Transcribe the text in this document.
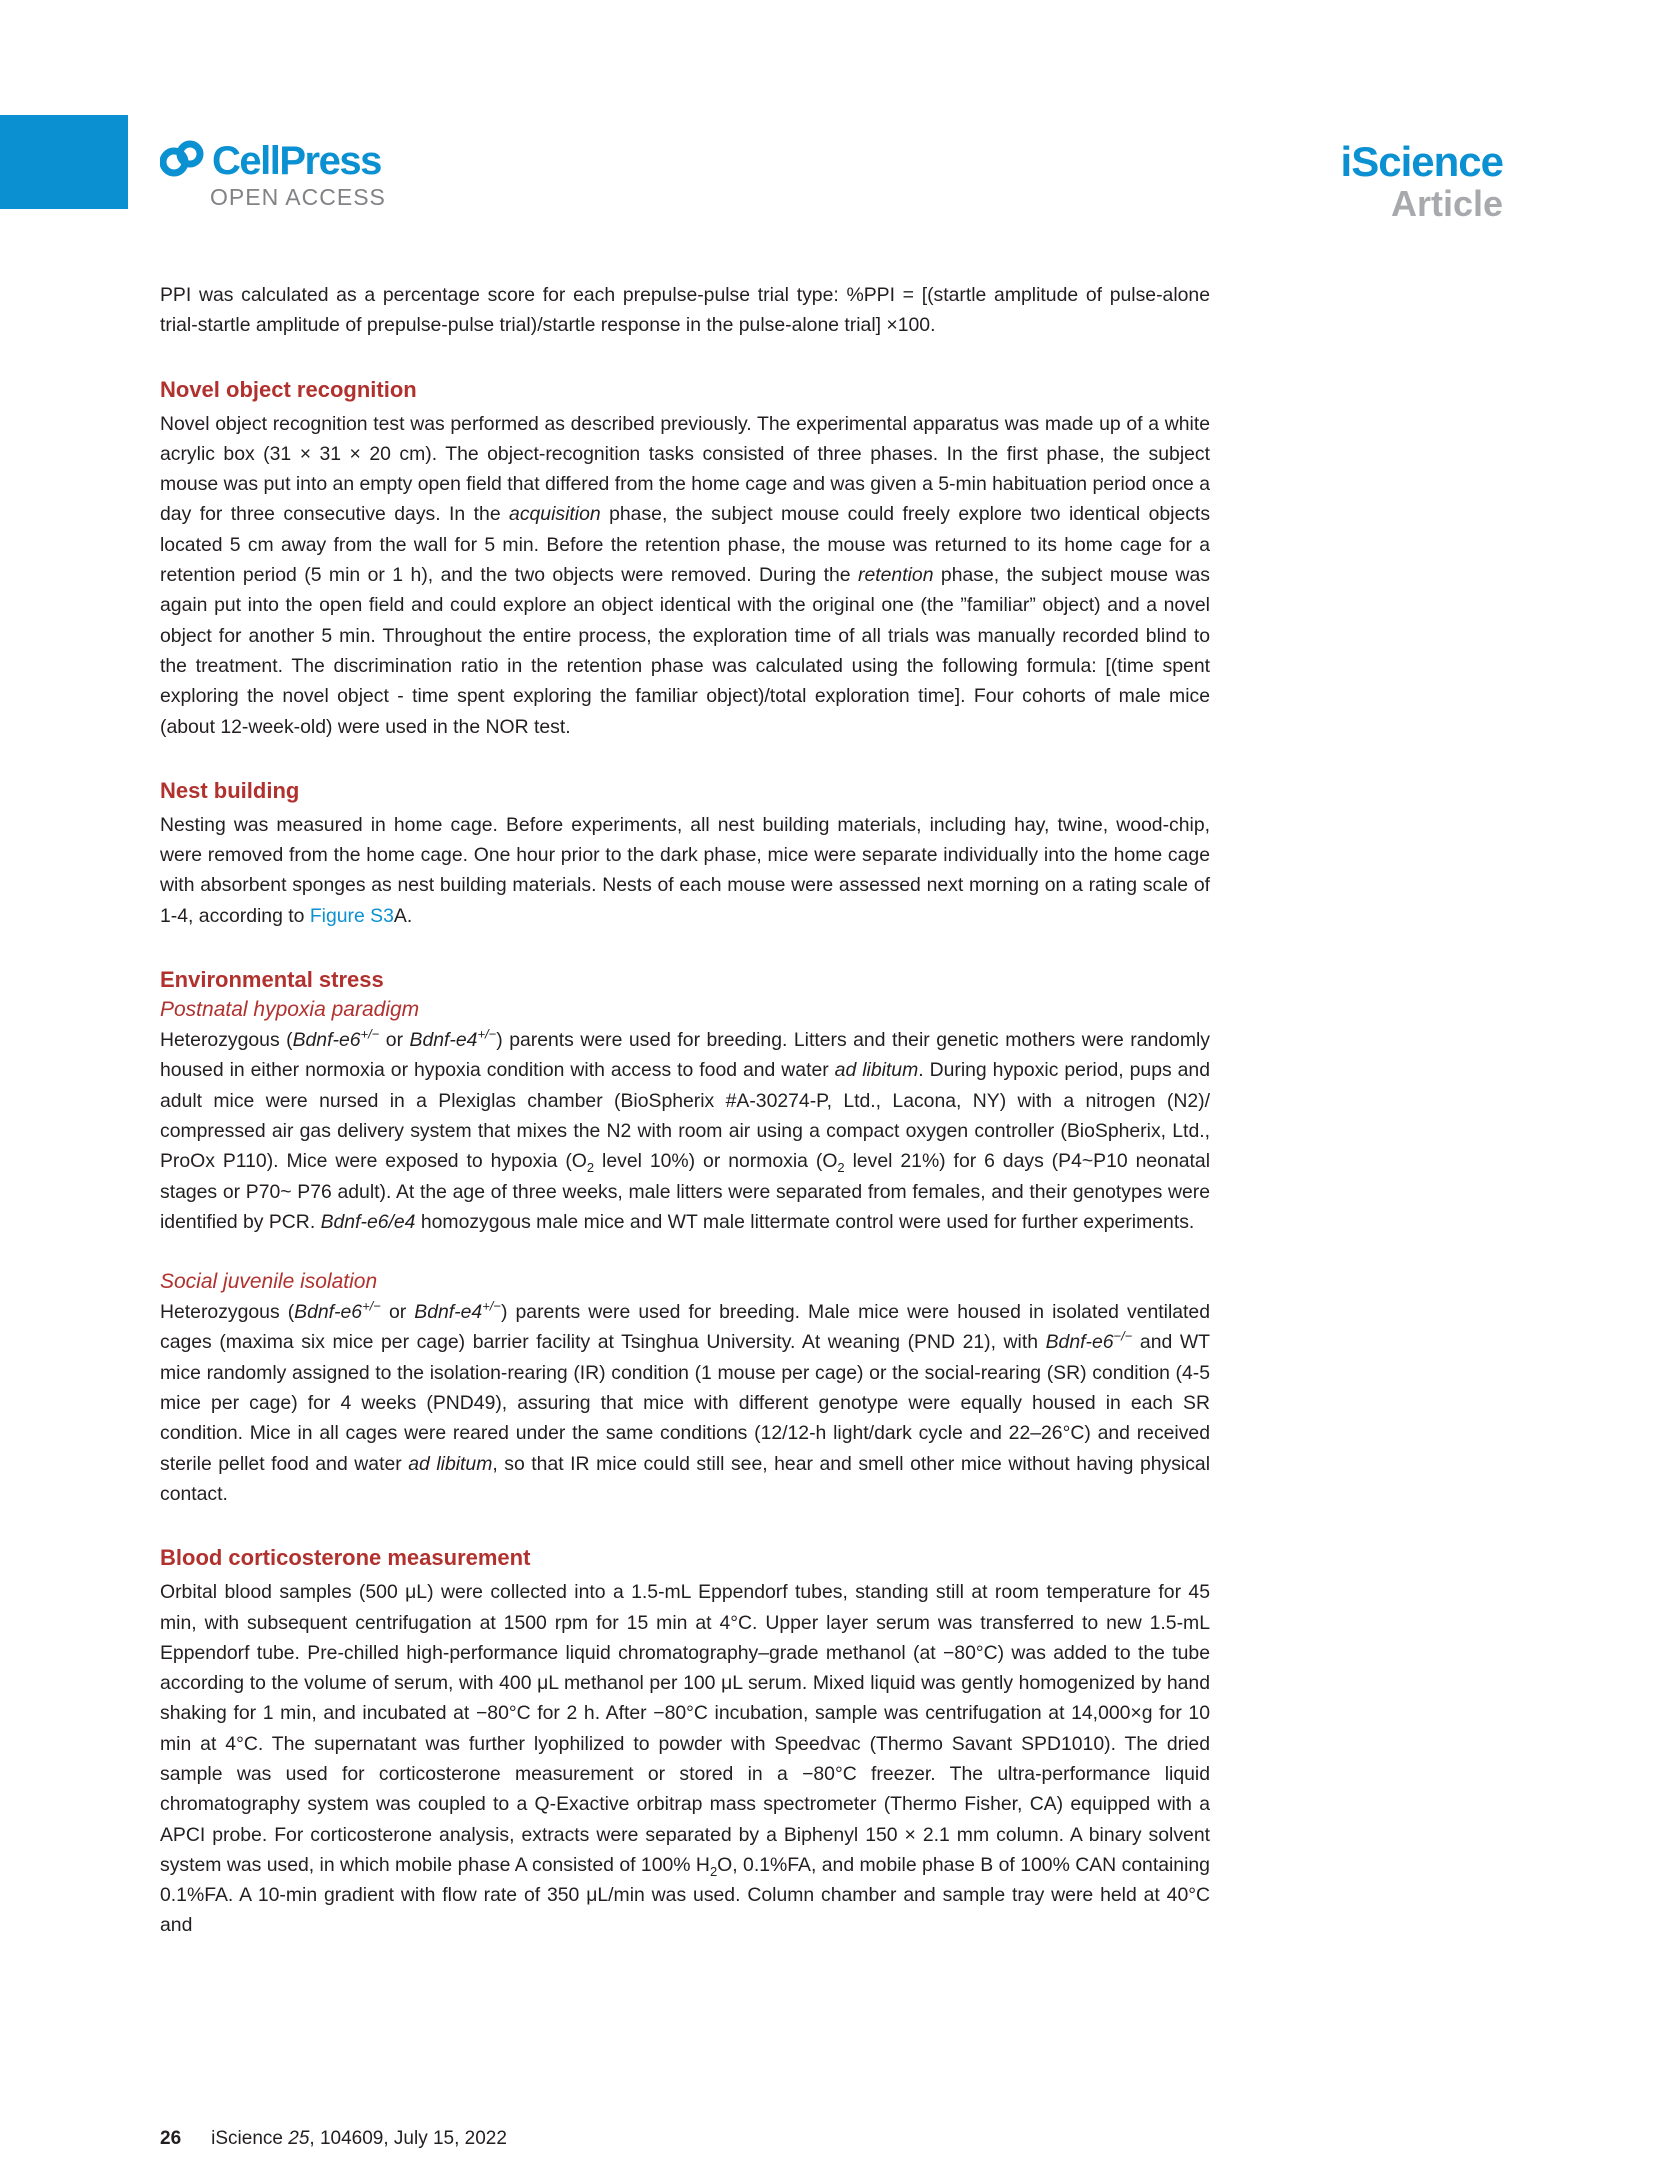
CellPress
OPEN ACCESS
iScience
Article

PPI was calculated as a percentage score for each prepulse-pulse trial type: %PPI = [(startle amplitude of pulse-alone trial-startle amplitude of prepulse-pulse trial)/startle response in the pulse-alone trial] ×100.

Novel object recognition

Novel object recognition test was performed as described previously. The experimental apparatus was made up of a white acrylic box (31 × 31 × 20 cm). The object-recognition tasks consisted of three phases. In the first phase, the subject mouse was put into an empty open field that differed from the home cage and was given a 5-min habituation period once a day for three consecutive days. In the acquisition phase, the subject mouse could freely explore two identical objects located 5 cm away from the wall for 5 min. Before the retention phase, the mouse was returned to its home cage for a retention period (5 min or 1 h), and the two objects were removed. During the retention phase, the subject mouse was again put into the open field and could explore an object identical with the original one (the ”familiar” object) and a novel object for another 5 min. Throughout the entire process, the exploration time of all trials was manually recorded blind to the treatment. The discrimination ratio in the retention phase was calculated using the following formula: [(time spent exploring the novel object - time spent exploring the familiar object)/total exploration time]. Four cohorts of male mice (about 12-week-old) were used in the NOR test.

Nest building

Nesting was measured in home cage. Before experiments, all nest building materials, including hay, twine, wood-chip, were removed from the home cage. One hour prior to the dark phase, mice were separate individually into the home cage with absorbent sponges as nest building materials. Nests of each mouse were assessed next morning on a rating scale of 1-4, according to Figure S3A.

Environmental stress
Postnatal hypoxia paradigm

Heterozygous (Bdnf-e6+/− or Bdnf-e4+/−) parents were used for breeding. Litters and their genetic mothers were randomly housed in either normoxia or hypoxia condition with access to food and water ad libitum. During hypoxic period, pups and adult mice were nursed in a Plexiglas chamber (BioSpherix #A-30274-P, Ltd., Lacona, NY) with a nitrogen (N2)/ compressed air gas delivery system that mixes the N2 with room air using a compact oxygen controller (BioSpherix, Ltd., ProOx P110). Mice were exposed to hypoxia ($O_2$ level 10%) or normoxia ($O_2$ level 21%) for 6 days (P4~P10 neonatal stages or P70~ P76 adult). At the age of three weeks, male litters were separated from females, and their genotypes were identified by PCR. Bdnf-e6/e4 homozygous male mice and WT male littermate control were used for further experiments.

Social juvenile isolation

Heterozygous (Bdnf-e6+/− or Bdnf-e4+/−) parents were used for breeding. Male mice were housed in isolated ventilated cages (maxima six mice per cage) barrier facility at Tsinghua University. At weaning (PND 21), with Bdnf-e6−/− and WT mice randomly assigned to the isolation-rearing (IR) condition (1 mouse per cage) or the social-rearing (SR) condition (4-5 mice per cage) for 4 weeks (PND49), assuring that mice with different genotype were equally housed in each SR condition. Mice in all cages were reared under the same conditions (12/12-h light/dark cycle and 22–26°C) and received sterile pellet food and water ad libitum, so that IR mice could still see, hear and smell other mice without having physical contact.

Blood corticosterone measurement

Orbital blood samples (500 μL) were collected into a 1.5-mL Eppendorf tubes, standing still at room temperature for 45 min, with subsequent centrifugation at 1500 rpm for 15 min at 4°C. Upper layer serum was transferred to new 1.5-mL Eppendorf tube. Pre-chilled high-performance liquid chromatography–grade methanol (at −80°C) was added to the tube according to the volume of serum, with 400 μL methanol per 100 μL serum. Mixed liquid was gently homogenized by hand shaking for 1 min, and incubated at −80°C for 2 h. After −80°C incubation, sample was centrifugation at 14,000×g for 10 min at 4°C. The supernatant was further lyophilized to powder with Speedvac (Thermo Savant SPD1010). The dried sample was used for corticosterone measurement or stored in a −80°C freezer. The ultra-performance liquid chromatography system was coupled to a Q-Exactive orbitrap mass spectrometer (Thermo Fisher, CA) equipped with a APCI probe. For corticosterone analysis, extracts were separated by a Biphenyl 150 × 2.1 mm column. A binary solvent system was used, in which mobile phase A consisted of 100% $H_2O$, 0.1%FA, and mobile phase B of 100% CAN containing 0.1%FA. A 10-min gradient with flow rate of 350 μL/min was used. Column chamber and sample tray were held at 40°C and

26 iScience 25, 104609, July 15, 2022
